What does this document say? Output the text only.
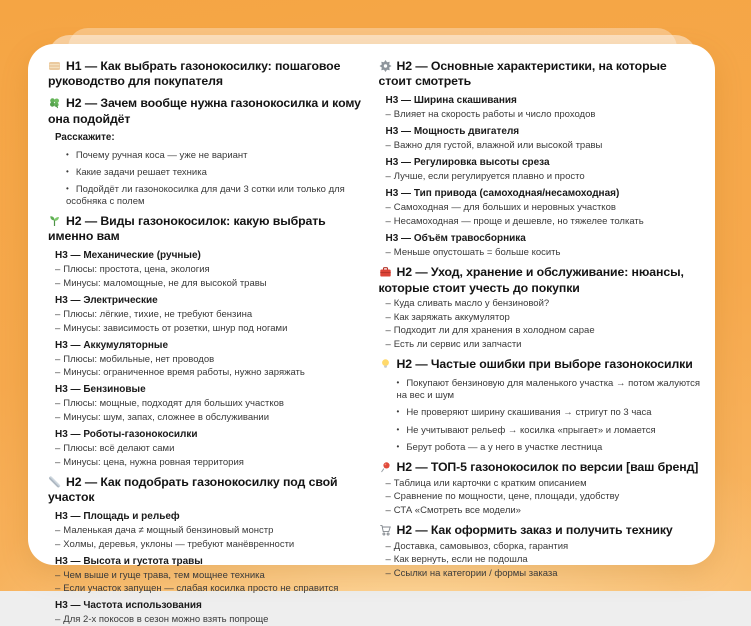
H1 — Как выбрать газонокосилку: пошаговое руководство для покупателя
H2 — Зачем вообще нужна газонокосилка и кому она подойдёт
Расскажите:
• Почему ручная коса — уже не вариант
• Какие задачи решает техника
• Подойдёт ли газонокосилка для дачи 3 сотки или только для особняка с полем
H2 — Виды газонокосилок: какую выбрать именно вам
H3 — Механические (ручные)
– Плюсы: простота, цена, экология
– Минусы: маломощные, не для высокой травы
H3 — Электрические
– Плюсы: лёгкие, тихие, не требуют бензина
– Минусы: зависимость от розетки, шнур под ногами
H3 — Аккумуляторные
– Плюсы: мобильные, нет проводов
– Минусы: ограниченное время работы, нужно заряжать
H3 — Бензиновые
– Плюсы: мощные, подходят для больших участков
– Минусы: шум, запах, сложнее в обслуживании
H3 — Роботы-газонокосилки
– Плюсы: всё делают сами
– Минусы: цена, нужна ровная территория
H2 — Как подобрать газонокосилку под свой участок
H3 — Площадь и рельеф
– Маленькая дача ≠ мощный бензиновый монстр
– Холмы, деревья, уклоны — требуют манёвренности
H3 — Высота и густота травы
– Чем выше и гуще трава, тем мощнее техника
– Если участок запущен — слабая косилка просто не справится
H3 — Частота использования
– Для 2-х покосов в сезон можно взять попроще
H2 — Основные характеристики, на которые стоит смотреть
H3 — Ширина скашивания
– Влияет на скорость работы и число проходов
H3 — Мощность двигателя
– Важно для густой, влажной или высокой травы
H3 — Регулировка высоты среза
– Лучше, если регулируется плавно и просто
H3 — Тип привода (самоходная/несамоходная)
– Самоходная — для больших и неровных участков
– Несамоходная — проще и дешевле, но тяжелее толкать
H3 — Объём травосборника
– Меньше опустошать = больше косить
H2 — Уход, хранение и обслуживание: нюансы, которые стоит учесть до покупки
– Куда сливать масло у бензиновой?
– Как заряжать аккумулятор
– Подходит ли для хранения в холодном сарае
– Есть ли сервис или запчасти
H2 — Частые ошибки при выборе газонокосилки
• Покупают бензиновую для маленького участка → потом жалуются на вес и шум
• Не проверяют ширину скашивания → стригут по 3 часа
• Не учитывают рельеф → косилка «прыгает» и ломается
• Берут робота — а у него в участке лестница
H2 — ТОП-5 газонокосилок по версии [ваш бренд]
– Таблица или карточки с кратким описанием
– Сравнение по мощности, цене, площади, удобству
– СТА «Смотреть все модели»
H2 — Как оформить заказ и получить технику
– Доставка, самовывоз, сборка, гарантия
– Как вернуть, если не подошла
– Ссылки на категории / формы заказа
